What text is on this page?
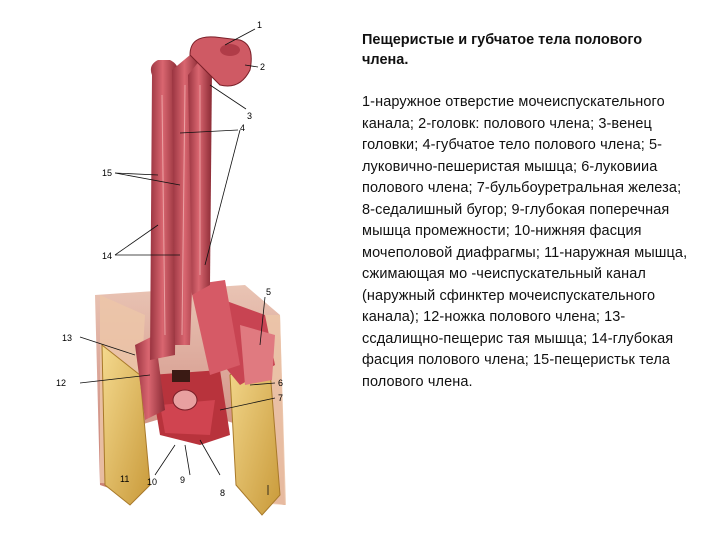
1
2
3
4
15
14
5
13
12	6
7
11 10	9
8

Пещеристые и губчатое тела полового члена.

1-наружное отверстие мочеиспускательного канала; 2-головк: полового члена; 3-венец головки; 4-губчатое тело полового члена; 5-луковично-пешеристая мышца; 6-луковииа полового члена; 7-бульбоуретральная железа; 8-седалишный бугор; 9-глубокая поперечная мышца промежности; 10-нижняя фасция мочеполовой диафрагмы; 11-наружная мышца, сжимающая мо -чеиспускательный канал (наружный сфинктер мочеиспускательного канала); 12-ножка полового члена; 13-ссдалищно-пещерис тая мышца; 14-глубокая фасция полового члена; 15-пещеристьк тела полового члена.
